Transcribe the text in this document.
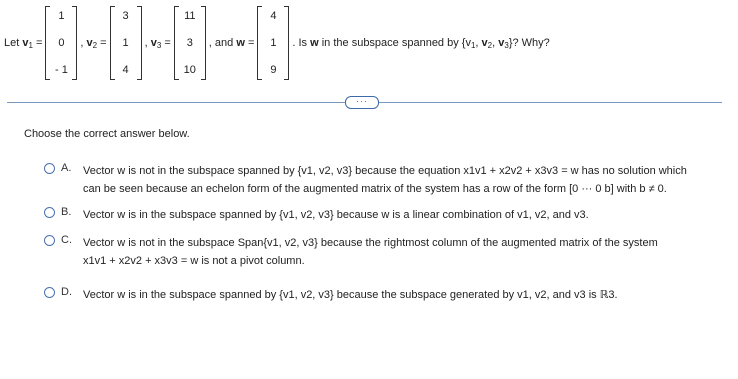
Let $v_1$ =
1
0
- 1
, $v_2$ =
3
1
4
, $v_3$ =
11
3
10
, and w =
4
1
9
. Is w in the subspace spanned by {$v_1$, $v_2$, $v_3$}? Why?
···
Choose the correct answer below.
A.	Vector w is not in the subspace spanned by {v1, v2, v3} because the equation x1v1 + x2v2 + x3v3 = w has no solution which
can be seen because an echelon form of the augmented matrix of the system has a row of the form [0 ··· 0 b] with b ≠ 0.
B.	Vector w is in the subspace spanned by {v1, v2, v3} because w is a linear combination of v1, v2, and v3.
C.	Vector w is not in the subspace Span{v1, v2, v3} because the rightmost column of the augmented matrix of the system
x1v1 + x2v2 + x3v3 = w is not a pivot column.
D.	Vector w is in the subspace spanned by {v1, v2, v3} because the subspace generated by v1, v2, and v3 is ℝ3.
